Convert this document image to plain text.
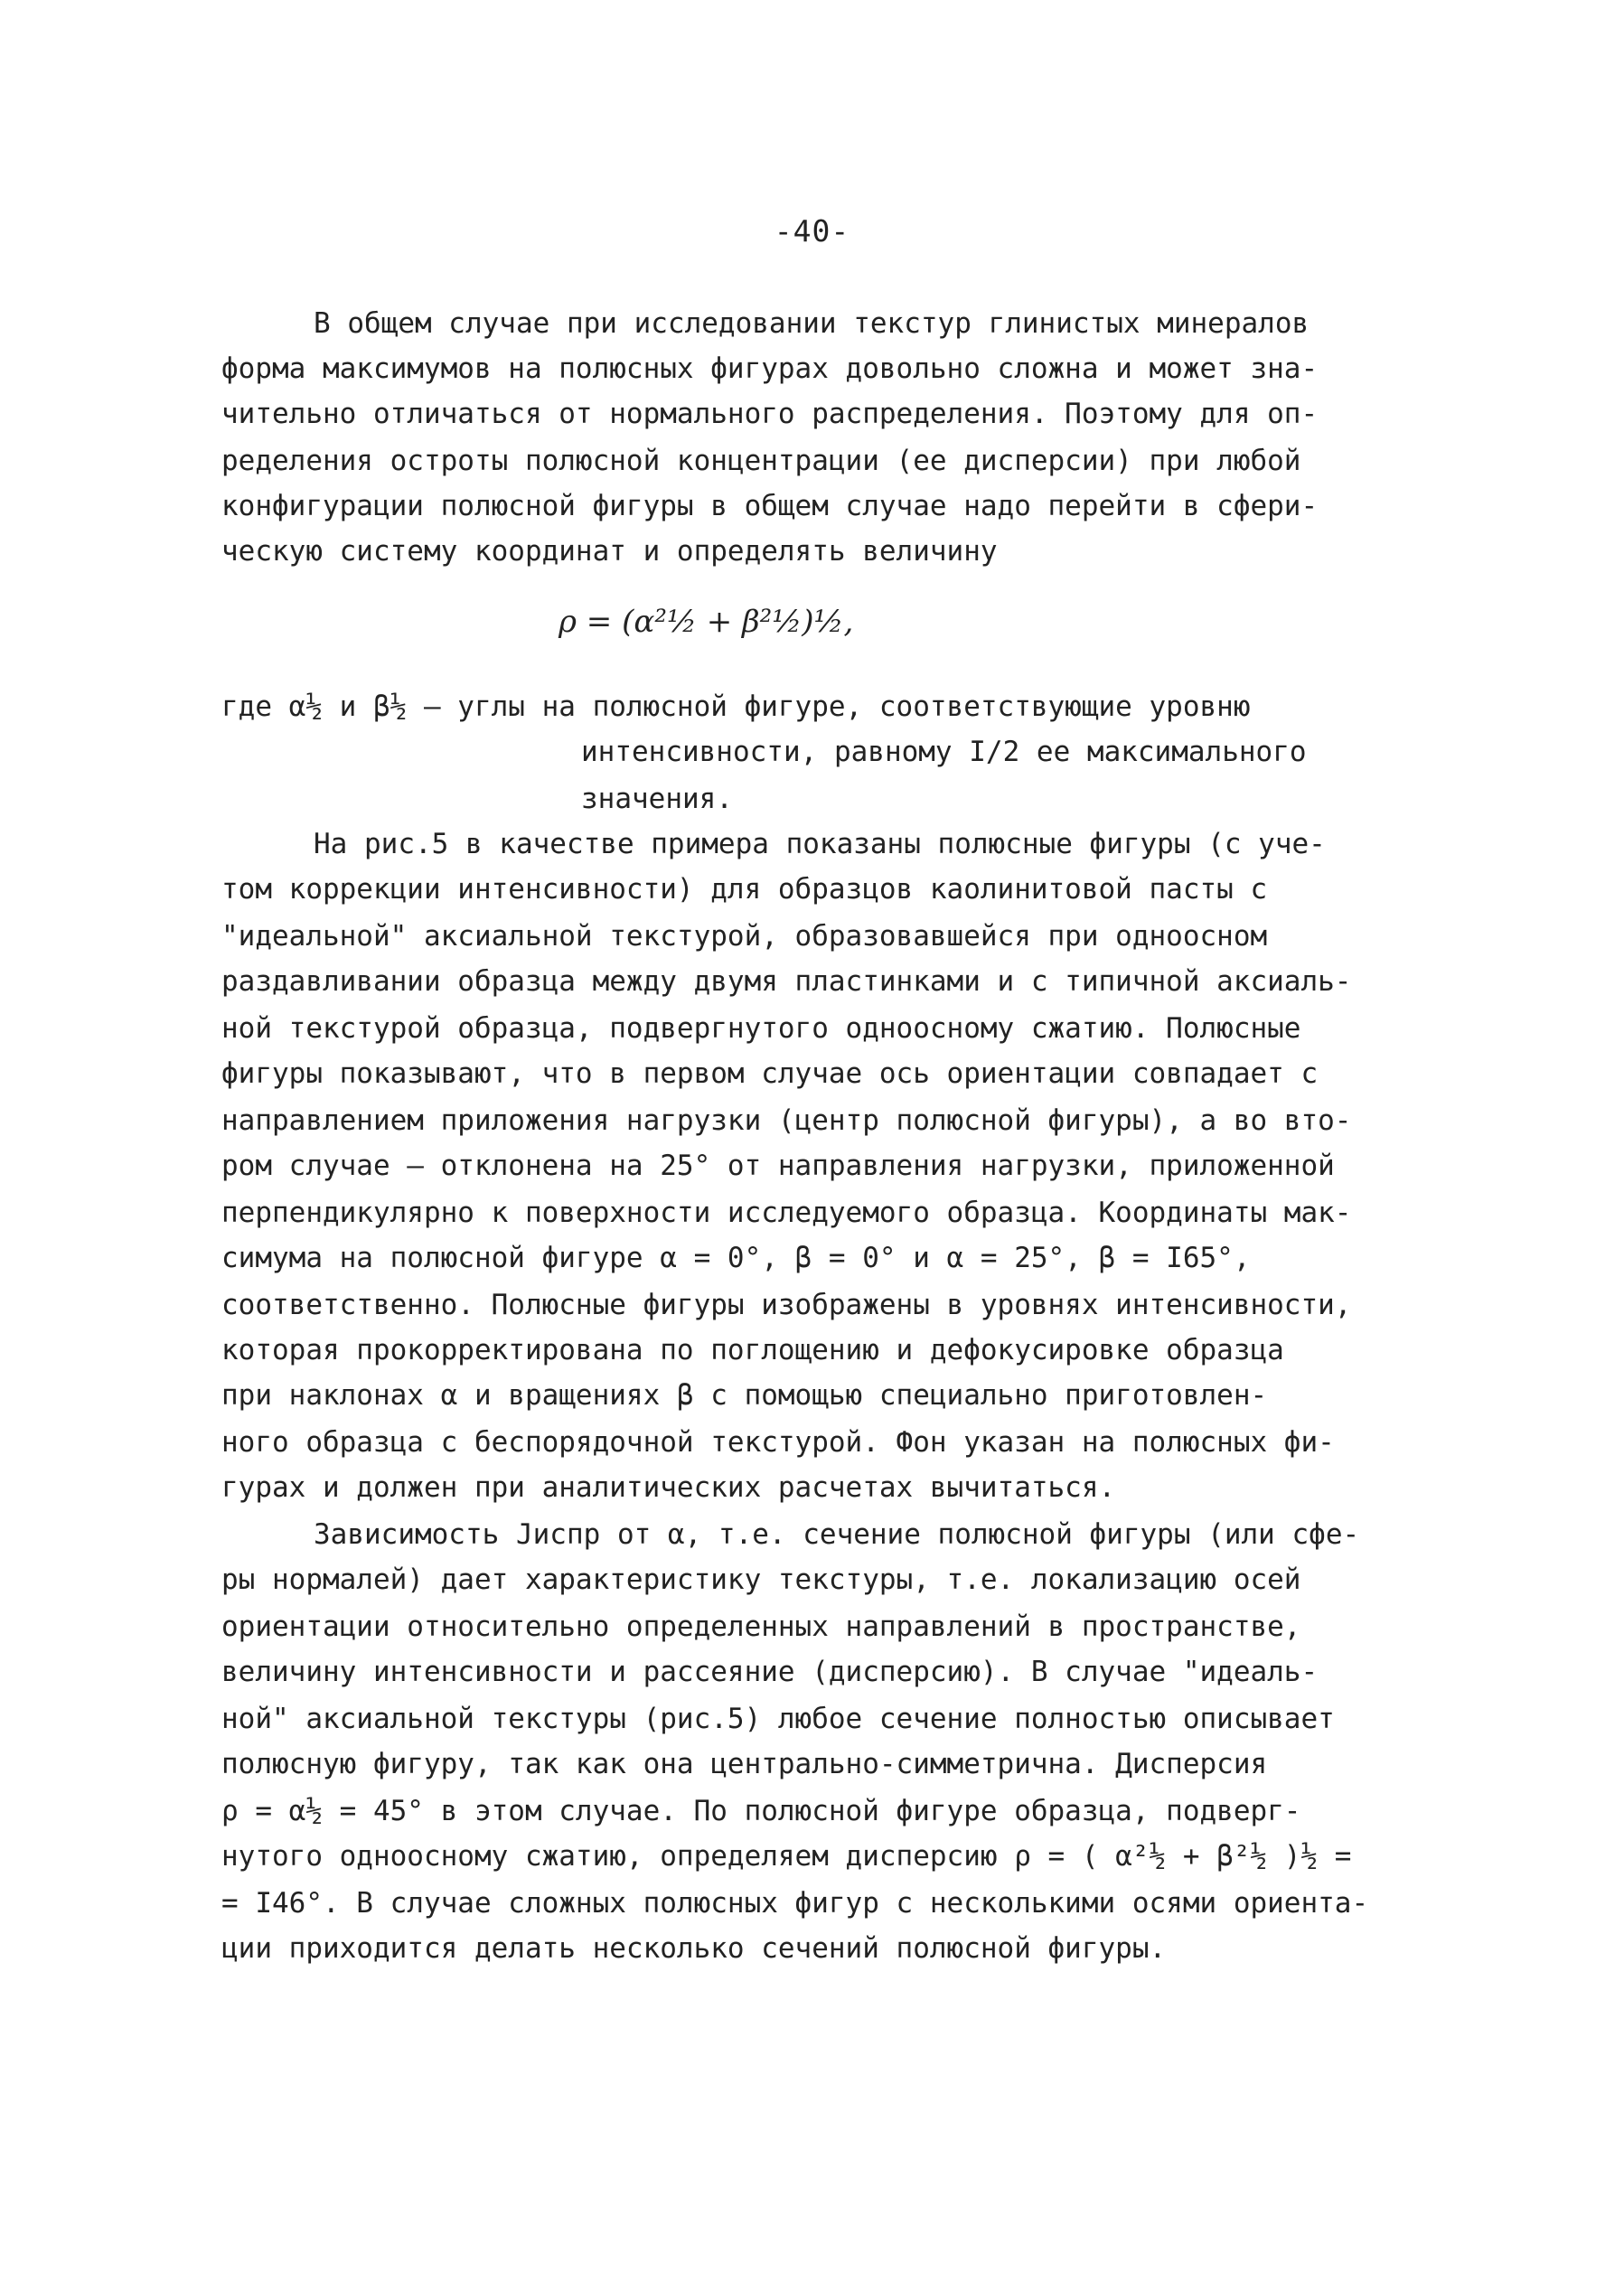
-40-
В общем случае при исследовании текстур глинистых минералов
форма максимумов на полюсных фигурах довольно сложна и может зна-
чительно отличаться от нормального распределения. Поэтому для оп-
ределения остроты полюсной концентрации (ее дисперсии) при любой
конфигурации полюсной фигуры в общем случае надо перейти в сфери-
ческую систему координат и определять величину
ρ = (α²½ + β²½)½,
где α½ и β½ – углы на полюсной фигуре, соответствующие уровню
интенсивности, равному I/2 ее максимального
значения.
На рис.5 в качестве примера показаны полюсные фигуры (с уче-
том коррекции интенсивности) для образцов каолинитовой пасты с
"идеальной" аксиальной текстурой, образовавшейся при одноосном
раздавливании образца между двумя пластинками и с типичной аксиаль-
ной текстурой образца, подвергнутого одноосному сжатию. Полюсные
фигуры показывают, что в первом случае ось ориентации совпадает с
направлением приложения нагрузки (центр полюсной фигуры), а во вто-
ром случае – отклонена на 25° от направления нагрузки, приложенной
перпендикулярно к поверхности исследуемого образца. Координаты мак-
симума на полюсной фигуре α = 0°, β = 0° и α = 25°, β = I65°,
соответственно. Полюсные фигуры изображены в уровнях интенсивности,
которая прокорректирована по поглощению и дефокусировке образца
при наклонах α и вращениях β с помощью специально приготовлен-
ного образца с беспорядочной текстурой. Фон указан на полюсных фи-
гурах и должен при аналитических расчетах вычитаться.
Зависимость Jиспр от α, т.е. сечение полюсной фигуры (или сфе-
ры нормалей) дает характеристику текстуры, т.е. локализацию осей
ориентации относительно определенных направлений в пространстве,
величину интенсивности и рассеяние (дисперсию). В случае "идеаль-
ной" аксиальной текстуры (рис.5) любое сечение полностью описывает
полюсную фигуру, так как она центрально-симметрична. Дисперсия
ρ = α½ = 45° в этом случае. По полюсной фигуре образца, подверг-
нутого одноосному сжатию, определяем дисперсию ρ = ( α²½ + β²½ )½ =
= I46°. В случае сложных полюсных фигур с несколькими осями ориента-
ции приходится делать несколько сечений полюсной фигуры.
